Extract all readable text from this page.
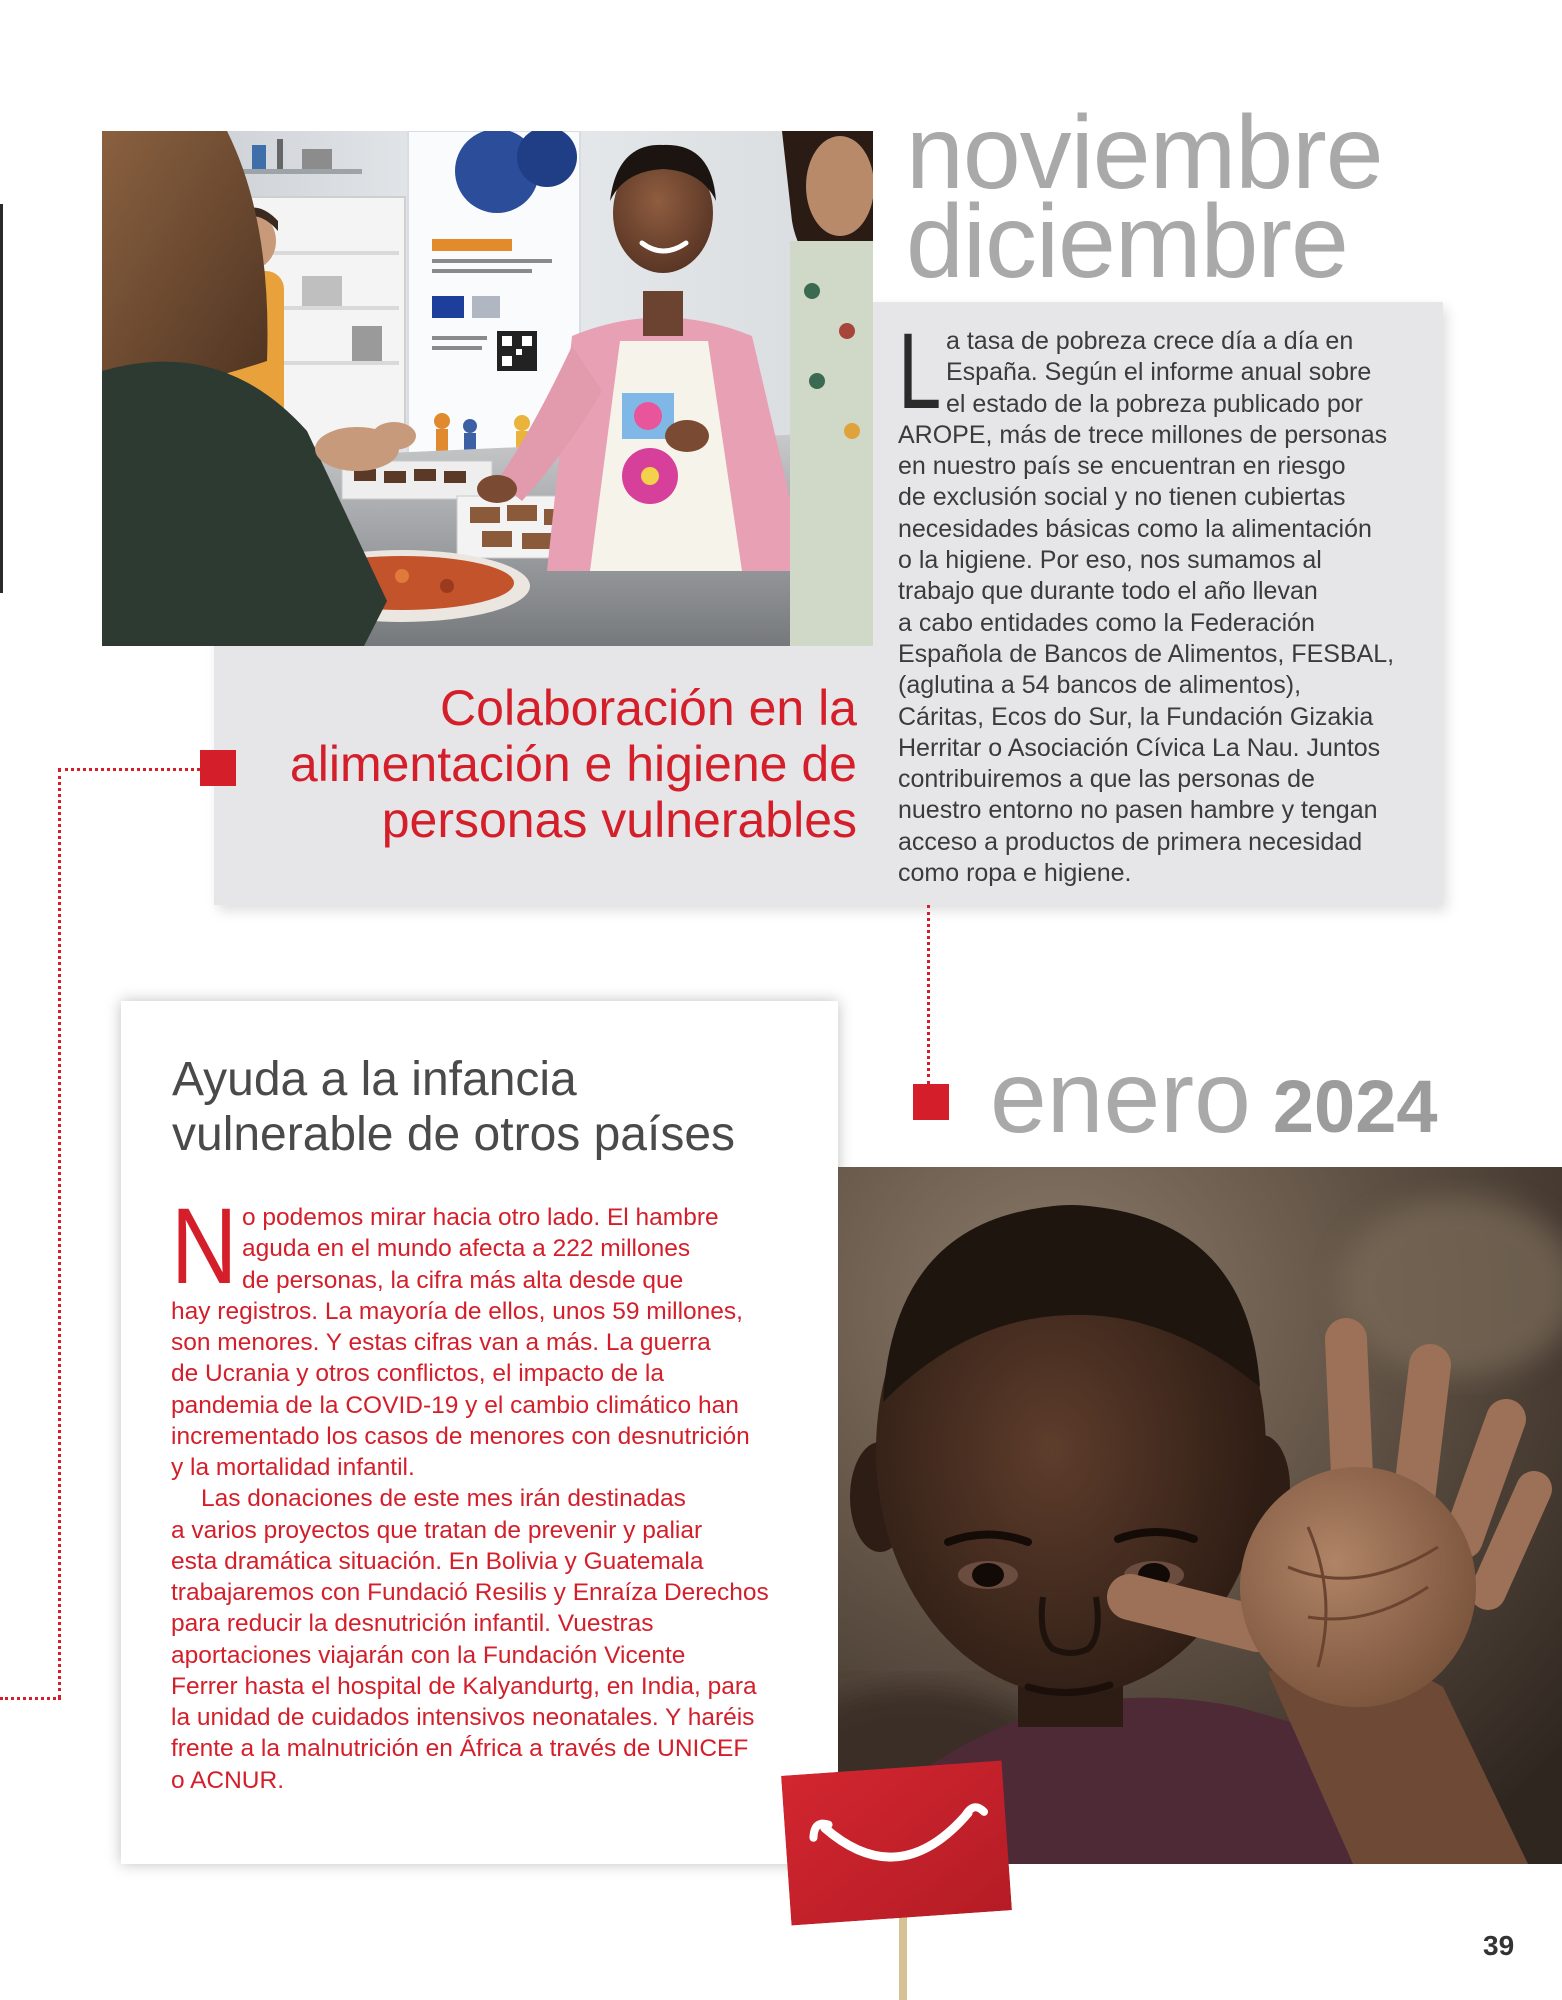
noviembre
diciembre
Colaboración en la
alimentación e higiene de
personas vulnerables
L a tasa de pobreza crece día a día en
España. Según el informe anual sobre
el estado de la pobreza publicado por
AROPE, más de trece millones de personas
en nuestro país se encuentran en riesgo
de exclusión social y no tienen cubiertas
necesidades básicas como la alimentación
o la higiene. Por eso, nos sumamos al
trabajo que durante todo el año llevan
a cabo entidades como la Federación
Española de Bancos de Alimentos, FESBAL,
(aglutina a 54 bancos de alimentos),
Cáritas, Ecos do Sur, la Fundación Gizakia
Herritar o Asociación Cívica La Nau. Juntos
contribuiremos a que las personas de
nuestro entorno no pasen hambre y tengan
acceso a productos de primera necesidad
como ropa e higiene.
enero 2024
Ayuda a la infancia
vulnerable de otros países
N o podemos mirar hacia otro lado. El hambre
aguda en el mundo afecta a 222 millones
de personas, la cifra más alta desde que
hay registros. La mayoría de ellos, unos 59 millones,
son menores. Y estas cifras van a más. La guerra
de Ucrania y otros conflictos, el impacto de la
pandemia de la COVID-19 y el cambio climático han
incrementado los casos de menores con desnutrición
y la mortalidad infantil.
Las donaciones de este mes irán destinadas
a varios proyectos que tratan de prevenir y paliar
esta dramática situación. En Bolivia y Guatemala
trabajaremos con Fundació Resilis y Enraíza Derechos
para reducir la desnutrición infantil. Vuestras
aportaciones viajarán con la Fundación Vicente
Ferrer hasta el hospital de Kalyandurtg, en India, para
la unidad de cuidados intensivos neonatales. Y haréis
frente a la malnutrición en África a través de UNICEF
o ACNUR.
39
